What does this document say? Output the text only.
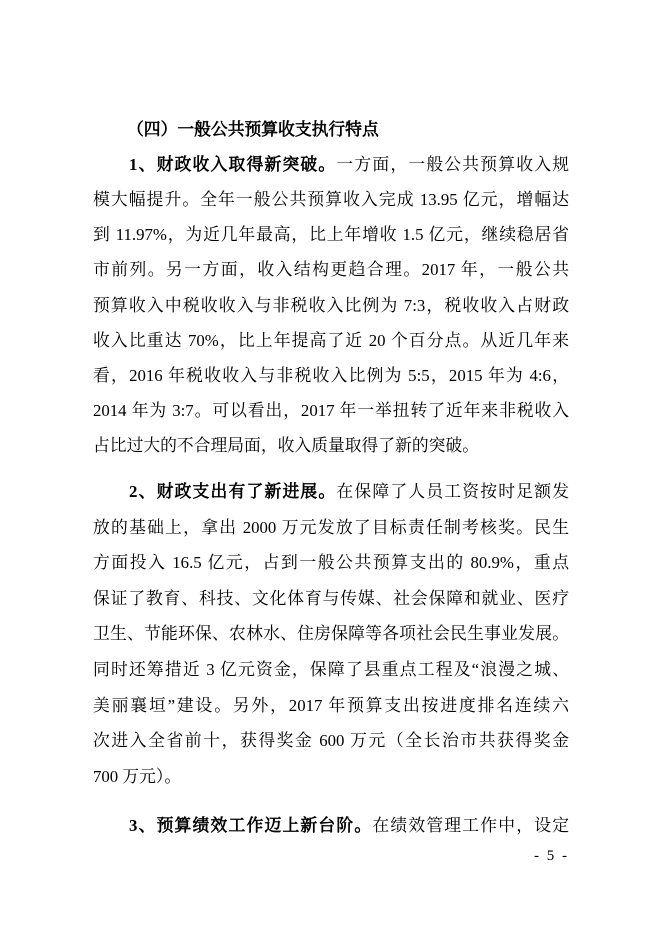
（四）一般公共预算收支执行特点
1、财政收入取得新突破。一方面，一般公共预算收入规
模大幅提升。全年一般公共预算收入完成 13.95 亿元，增幅达
到 11.97%，为近几年最高，比上年增收 1.5 亿元，继续稳居省
市前列。另一方面，收入结构更趋合理。2017 年，一般公共
预算收入中税收收入与非税收入比例为 7:3，税收收入占财政
收入比重达 70%，比上年提高了近 20 个百分点。从近几年来
看，2016 年税收收入与非税收入比例为 5:5，2015 年为 4:6，
2014 年为 3:7。可以看出，2017 年一举扭转了近年来非税收入
占比过大的不合理局面，收入质量取得了新的突破。
2、财政支出有了新进展。在保障了人员工资按时足额发
放的基础上，拿出 2000 万元发放了目标责任制考核奖。民生
方面投入 16.5 亿元，占到一般公共预算支出的 80.9%，重点
保证了教育、科技、文化体育与传媒、社会保障和就业、医疗
卫生、节能环保、农林水、住房保障等各项社会民生事业发展。
同时还筹措近 3 亿元资金，保障了县重点工程及“浪漫之城、
美丽襄垣”建设。另外，2017 年预算支出按进度排名连续六
次进入全省前十，获得奖金 600 万元（全长治市共获得奖金
700 万元）。
3、预算绩效工作迈上新台阶。在绩效管理工作中，设定
- 5 -
